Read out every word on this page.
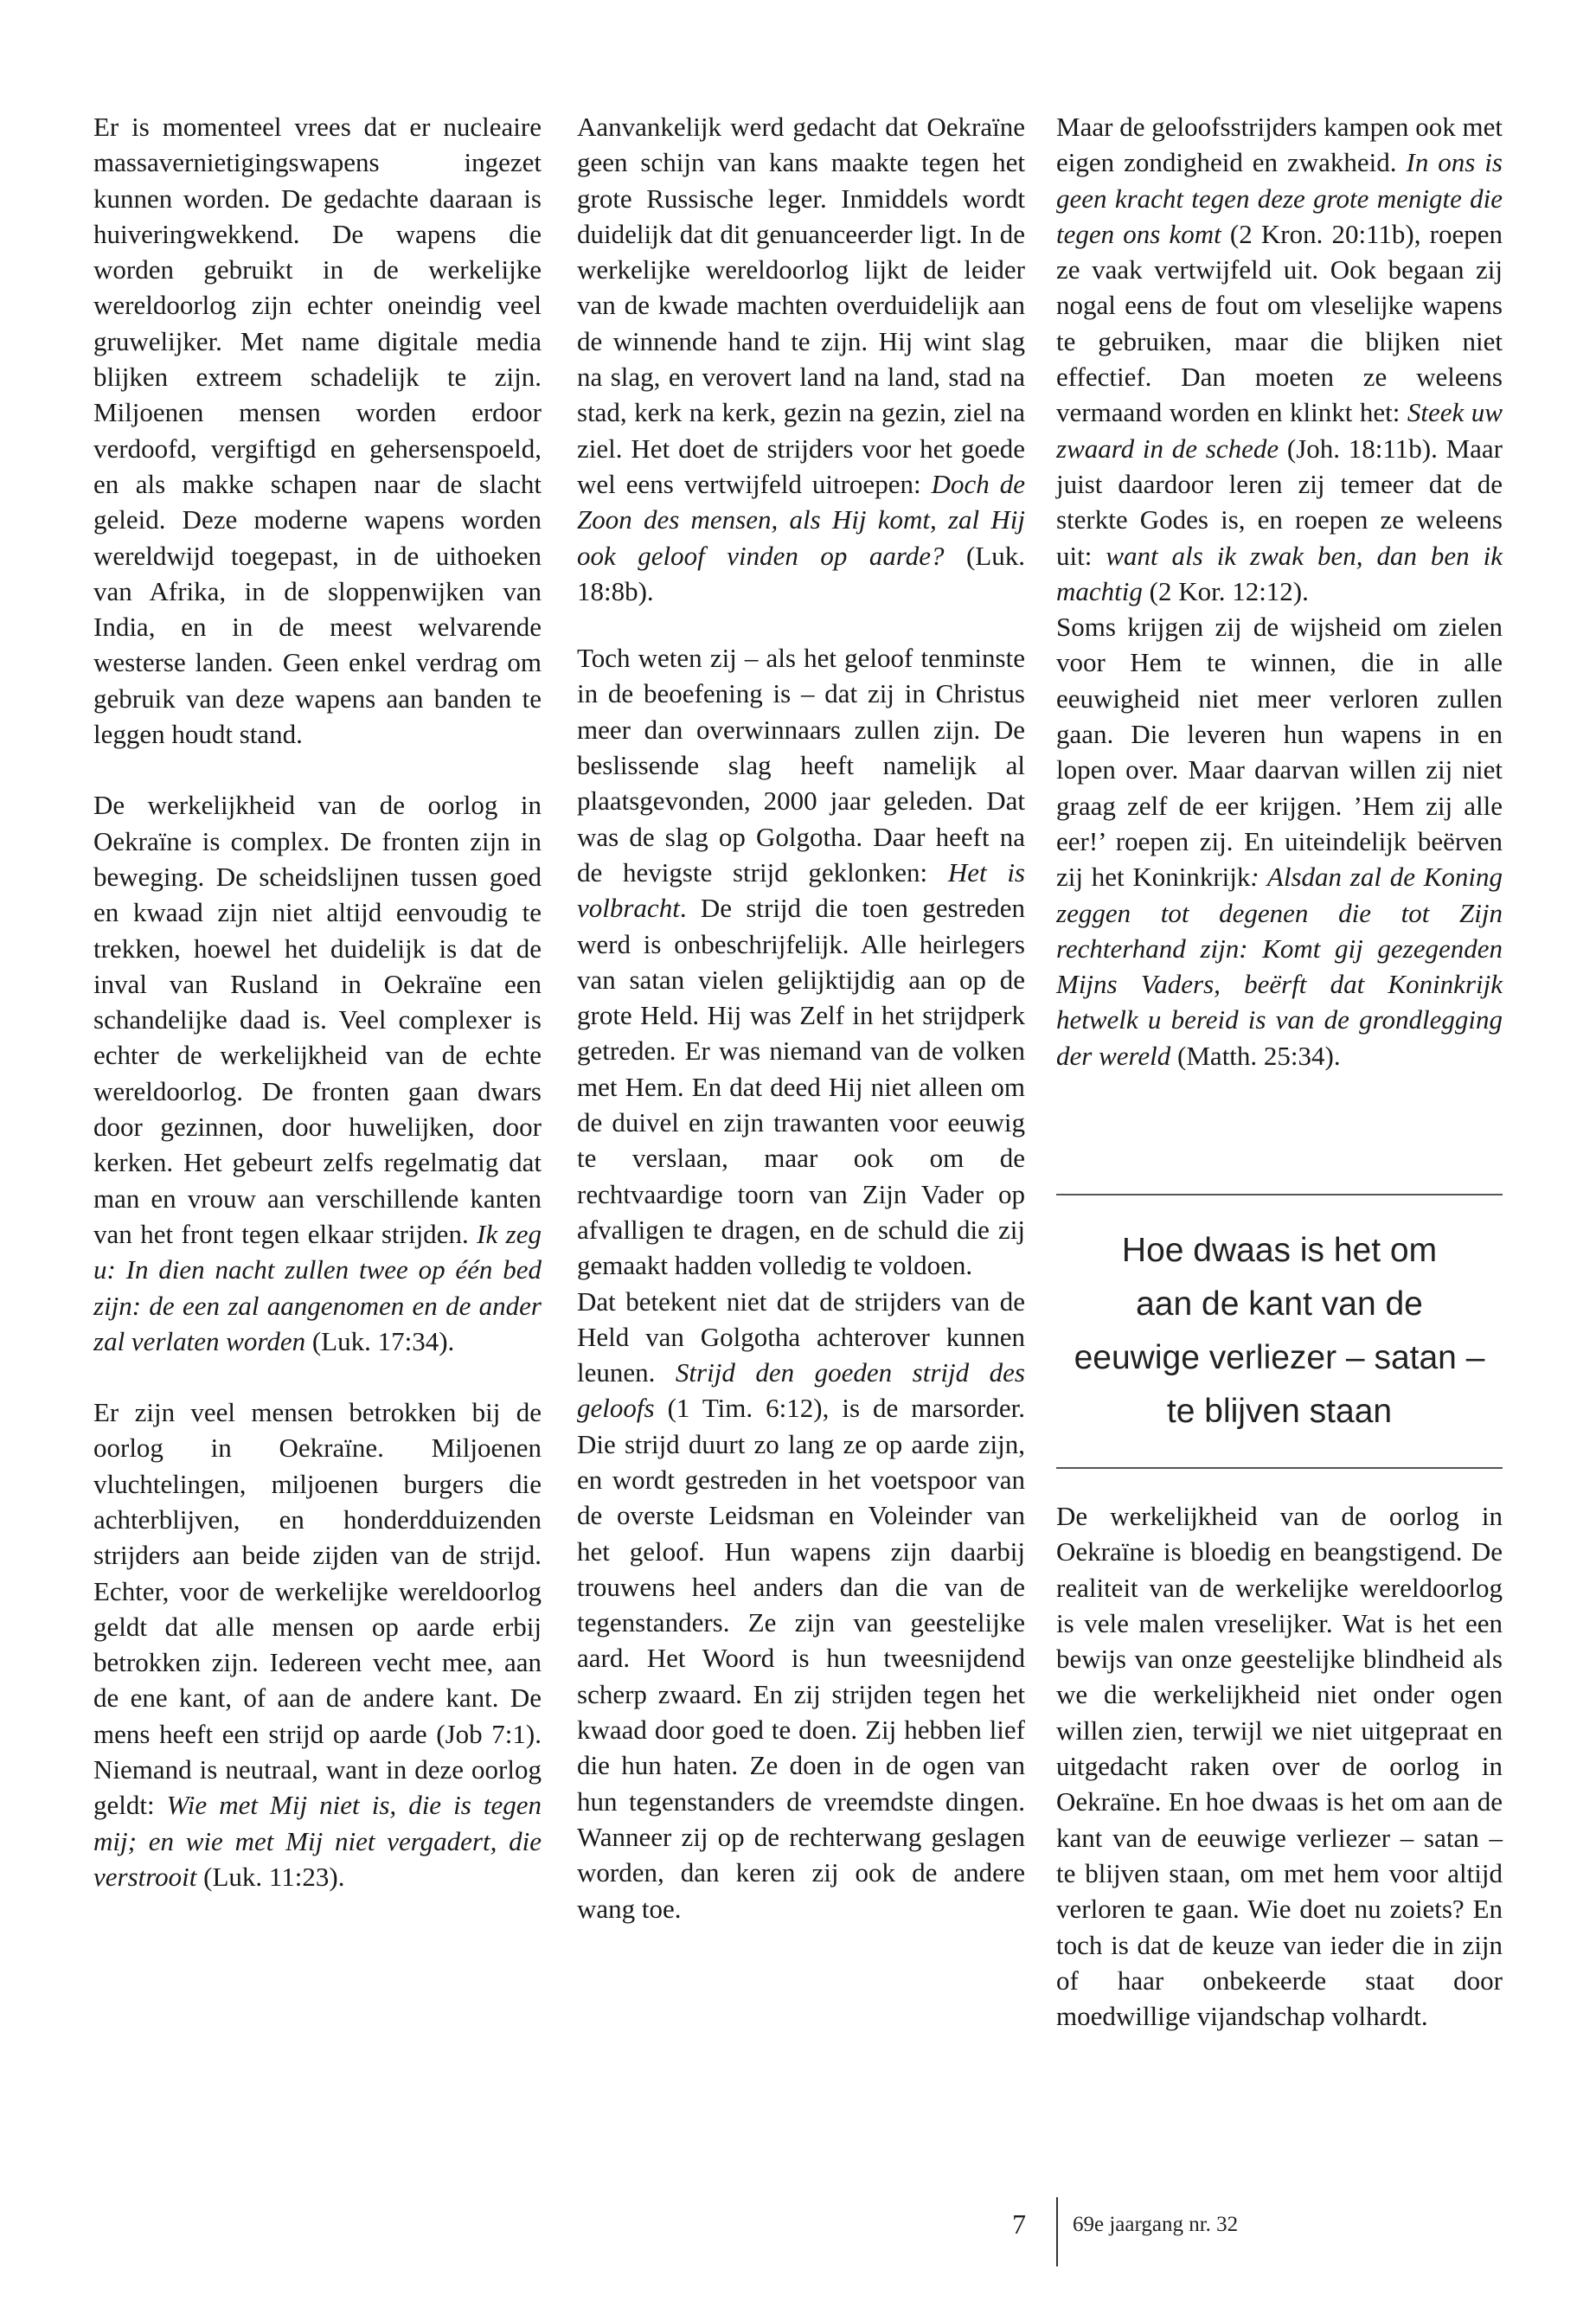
Er is momenteel vrees dat er nucleaire massavernietigingswapens ingezet kunnen worden. De gedachte daaraan is huiveringwekkend. De wapens die worden gebruikt in de werkelijke wereldoorlog zijn echter oneindig veel gruwelijker. Met name digitale media blijken extreem schadelijk te zijn. Miljoenen mensen worden erdoor verdoofd, vergiftigd en gehersenspoeld, en als makke schapen naar de slacht geleid. Deze moderne wapens worden wereldwijd toegepast, in de uithoeken van Afrika, in de sloppenwijken van India, en in de meest welvarende westerse landen. Geen enkel verdrag om gebruik van deze wapens aan banden te leggen houdt stand.

De werkelijkheid van de oorlog in Oekraïne is complex. De fronten zijn in beweging. De scheidslijnen tussen goed en kwaad zijn niet altijd eenvoudig te trekken, hoewel het duidelijk is dat de inval van Rusland in Oekraïne een schandelijke daad is. Veel complexer is echter de werkelijkheid van de echte wereldoorlog. De fronten gaan dwars door gezinnen, door huwelijken, door kerken. Het gebeurt zelfs regelmatig dat man en vrouw aan verschillende kanten van het front tegen elkaar strijden. Ik zeg u: In dien nacht zullen twee op één bed zijn: de een zal aangenomen en de ander zal verlaten worden (Luk. 17:34).

Er zijn veel mensen betrokken bij de oorlog in Oekraïne. Miljoenen vluchtelingen, miljoenen burgers die achterblijven, en honderdduizenden strijders aan beide zijden van de strijd. Echter, voor de werkelijke wereldoorlog geldt dat alle mensen op aarde erbij betrokken zijn. Iedereen vecht mee, aan de ene kant, of aan de andere kant. De mens heeft een strijd op aarde (Job 7:1). Niemand is neutraal, want in deze oorlog geldt: Wie met Mij niet is, die is tegen mij; en wie met Mij niet vergadert, die verstrooit (Luk. 11:23).

Aanvankelijk werd gedacht dat Oekraïne geen schijn van kans maakte tegen het grote Russische leger. Inmiddels wordt duidelijk dat dit genuanceerder ligt. In de werkelijke wereldoorlog lijkt de leider van de kwade machten overduidelijk aan de winnende hand te zijn. Hij wint slag na slag, en verovert land na land, stad na stad, kerk na kerk, gezin na gezin, ziel na ziel. Het doet de strijders voor het goede wel eens vertwijfeld uitroepen: Doch de Zoon des mensen, als Hij komt, zal Hij ook geloof vinden op aarde? (Luk. 18:8b).

Toch weten zij – als het geloof tenminste in de beoefening is – dat zij in Christus meer dan overwinnaars zullen zijn. De beslissende slag heeft namelijk al plaatsgevonden, 2000 jaar geleden. Dat was de slag op Golgotha. Daar heeft na de hevigste strijd geklonken: Het is volbracht. De strijd die toen gestreden werd is onbeschrijfelijk. Alle heirlegers van satan vielen gelijktijdig aan op de grote Held. Hij was Zelf in het strijdperk getreden. Er was niemand van de volken met Hem. En dat deed Hij niet alleen om de duivel en zijn trawanten voor eeuwig te verslaan, maar ook om de rechtvaardige toorn van Zijn Vader op afvalligen te dragen, en de schuld die zij gemaakt hadden volledig te voldoen.

Dat betekent niet dat de strijders van de Held van Golgotha achterover kunnen leunen. Strijd den goeden strijd des geloofs (1 Tim. 6:12), is de marsorder. Die strijd duurt zo lang ze op aarde zijn, en wordt gestreden in het voetspoor van de overste Leidsman en Voleinder van het geloof. Hun wapens zijn daarbij trouwens heel anders dan die van de tegenstanders. Ze zijn van geestelijke aard. Het Woord is hun tweesnijdend scherp zwaard. En zij strijden tegen het kwaad door goed te doen. Zij hebben lief die hun haten. Ze doen in de ogen van hun tegenstanders de vreemdste dingen. Wanneer zij op de rechterwang geslagen worden, dan keren zij ook de andere wang toe.

Maar de geloofsstrijders kampen ook met eigen zondigheid en zwakheid. In ons is geen kracht tegen deze grote menigte die tegen ons komt (2 Kron. 20:11b), roepen ze vaak vertwijfeld uit. Ook begaan zij nogal eens de fout om vleselijke wapens te gebruiken, maar die blijken niet effectief. Dan moeten ze weleens vermaand worden en klinkt het: Steek uw zwaard in de schede (Joh. 18:11b). Maar juist daardoor leren zij temeer dat de sterkte Godes is, en roepen ze weleens uit: want als ik zwak ben, dan ben ik machtig (2 Kor. 12:12).

Soms krijgen zij de wijsheid om zielen voor Hem te winnen, die in alle eeuwigheid niet meer verloren zullen gaan. Die leveren hun wapens in en lopen over. Maar daarvan willen zij niet graag zelf de eer krijgen. ’Hem zij alle eer!’ roepen zij. En uiteindelijk beërven zij het Koninkrijk: Alsdan zal de Koning zeggen tot degenen die tot Zijn rechterhand zijn: Komt gij gezegenden Mijns Vaders, beërft dat Koninkrijk hetwelk u bereid is van de grondlegging der wereld (Matth. 25:34).

Hoe dwaas is het om
aan de kant van de
eeuwige verliezer – satan –
te blijven staan

De werkelijkheid van de oorlog in Oekraïne is bloedig en beangstigend. De realiteit van de werkelijke wereldoorlog is vele malen vreselijker. Wat is het een bewijs van onze geestelijke blindheid als we die werkelijkheid niet onder ogen willen zien, terwijl we niet uitgepraat en uitgedacht raken over de oorlog in Oekraïne. En hoe dwaas is het om aan de kant van de eeuwige verliezer – satan – te blijven staan, om met hem voor altijd verloren te gaan. Wie doet nu zoiets? En toch is dat de keuze van ieder die in zijn of haar onbekeerde staat door moedwillige vijandschap volhardt.

7 69e jaargang nr. 32
